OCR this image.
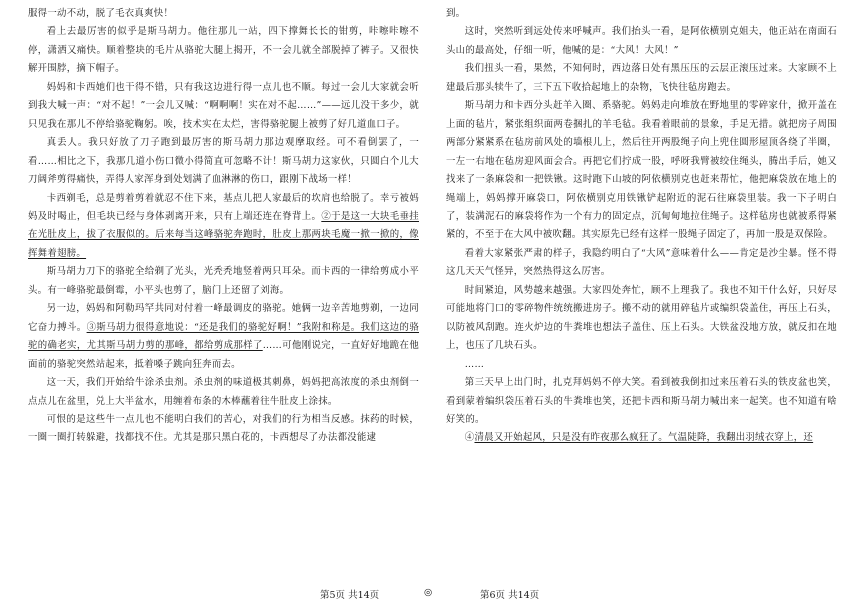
服得一动不动，脱了毛衣真爽快！

看上去最厉害的似乎是斯马胡力。他往那儿一站，四下撑舞长长的钳剪，咔嚓咔嚓不停，潇洒又痛快。顺着整块的毛片从骆驼大腿上揭开，不一会儿就全部脱掉了裤子。又很快解开围脖，摘下帽子。

妈妈和卡西她们也干得不错，只有我这边进行得一点儿也不顺。每过一会儿大家就会听到我大喊一声：“对不起！”一会儿又喊：“啊啊啊！实在对不起……”——远儿没干多少，就只见我在那儿不停给骆驼鞠躬。唉，技术实在太烂，害得骆驼腿上被剪了好几道血口子。

真丢人。我只好放了刀子跑到最厉害的斯马胡力那边观摩取经。可不看倒罢了，一看……相比之下，我那几道小伤口微小得简直可忽略不计！斯马胡力这家伙，只圆白个儿大刀阔斧剪得痛快，弄得人家浑身到处划满了血淋淋的伤口，跟刚下战场一样！

卡西剃毛，总是剪着剪着就忍不住下来，基点儿把人家最后的坎肩也给脱了。幸亏被妈妈及时喝止，但毛块已经与身体剥离开来，只有上端还连在脊背上。②于是这一大块毛垂挂在光肚皮上，拔了衣服似的。后来每当这峰骆驼奔跑时，肚皮上那两块毛魔一掀一掀的，像挥舞着翅膀。

斯马胡力刀下的骆驼全给剃了光头，光秃秃地竖着两只耳朵。而卡西的一律给剪成小平头。有一峰骆驼最倒霉，小平头也剪了，脑门上还留了刘海。

另一边，妈妈和阿勒玛罕共同对付着一峰最调皮的骆驼。她俩一边辛苦地剪剃，一边同它奋力搏斗。③斯马胡力很得意地说：“还是我们的骆驼好啊！”我附和称是。我们这边的骆驼的确老实，尤其斯马胡力剪的那峰，都给剪成那样了……可他刚说完，一直好好地跪在他面前的骆驼突然站起来，抵着嗓子跳向狂奔而去。

这一天，我们开始给牛涂杀虫剂。杀虫剂的味道极其刺鼻，妈妈把高浓度的杀虫剂倒一点点儿在盆里，兑上大半盆水，用缠着布条的木棒蘸着往牛肚皮上涂抹。

可恨的是这些牛一点儿也不能明白我们的苦心，对我们的行为相当反感。抹药的时候，一圈一圈打转躲避，找都找不住。尤其是那只黑白花的，卡西想尽了办法都没能逮

到。

这时，突然听到远处传来呼喊声。我们抬头一看，是阿依横别克姐夫，他正站在南面石头山的最高处，仔细一听，他喊的是：“大风！大风！”

我们扭头一看，果然，不知何时，西边落日处有黑压压的云层正滚压过来。大家顾不上建最后那头犊牛了，三下五下收拾起地上的杂物，飞快往毡房跑去。

斯马胡力和卡西分头赶羊入圈、系骆驼。妈妈走向堆放在野地里的零碎家什，掀开盖在上面的毡片，紧张组织面两卷捆扎的羊毛毡。我看着眼前的景象，手足无措。就把房子周围两部分紧紧系在毡房前风处的墙根儿上，然后往开两股绳子向上兜住圆形屋顶各绕了半圈，一左一右地在毡房迎风面会合。再把它们拧成一股，呼呀我臂被绞住绳头，腾出手后，她又找来了一条麻袋和一把铁锹。这时跑下山坡的阿依横别克也赶来帮忙，他把麻袋放在地上的绳端上，妈妈撑开麻袋口，阿依横别克用铁锹铲起附近的泥石往麻袋里装。我一下子明白了，装满泥石的麻袋将作为一个有力的固定点，沉甸甸地拉住绳子。这样毡房也就被系得紧紧的，不至于在大风中被吹翻。其实原先已经有这样一股绳子固定了，再加一股是双保险。

看着大家紧张严肃的样子，我隐约明白了“大风”意味着什么——肯定是沙尘暴。怪不得这几天天气怪异，突然热得这么厉害。

时间紧迫，风势越来越强。大家四处奔忙，顾不上理我了。我也不知干什么好，只好尽可能地将门口的零碎物件统统搬进房子。搬不动的就用碎毡片或编织袋盖住，再压上石头，以防被风刮跑。连火炉边的牛粪堆也想法子盖住、压上石头。大铁盆没地方放，就反扣在地上，也压了几块石头。

……

第三天早上出门时，扎克拜妈妈不停大笑。看到被我倒扣过来压着石头的铁皮盆也笑，看到蒙着编织袋压着石头的牛粪堆也笑，还把卡西和斯马胡力喊出来一起笑。也不知道有啥好笑的。

④清晨又开始起风，只是没有昨夜那么疯狂了。气温陡降，我翻出羽绒衣穿上，还

第5页 共14页	◎	第6页 共14页
